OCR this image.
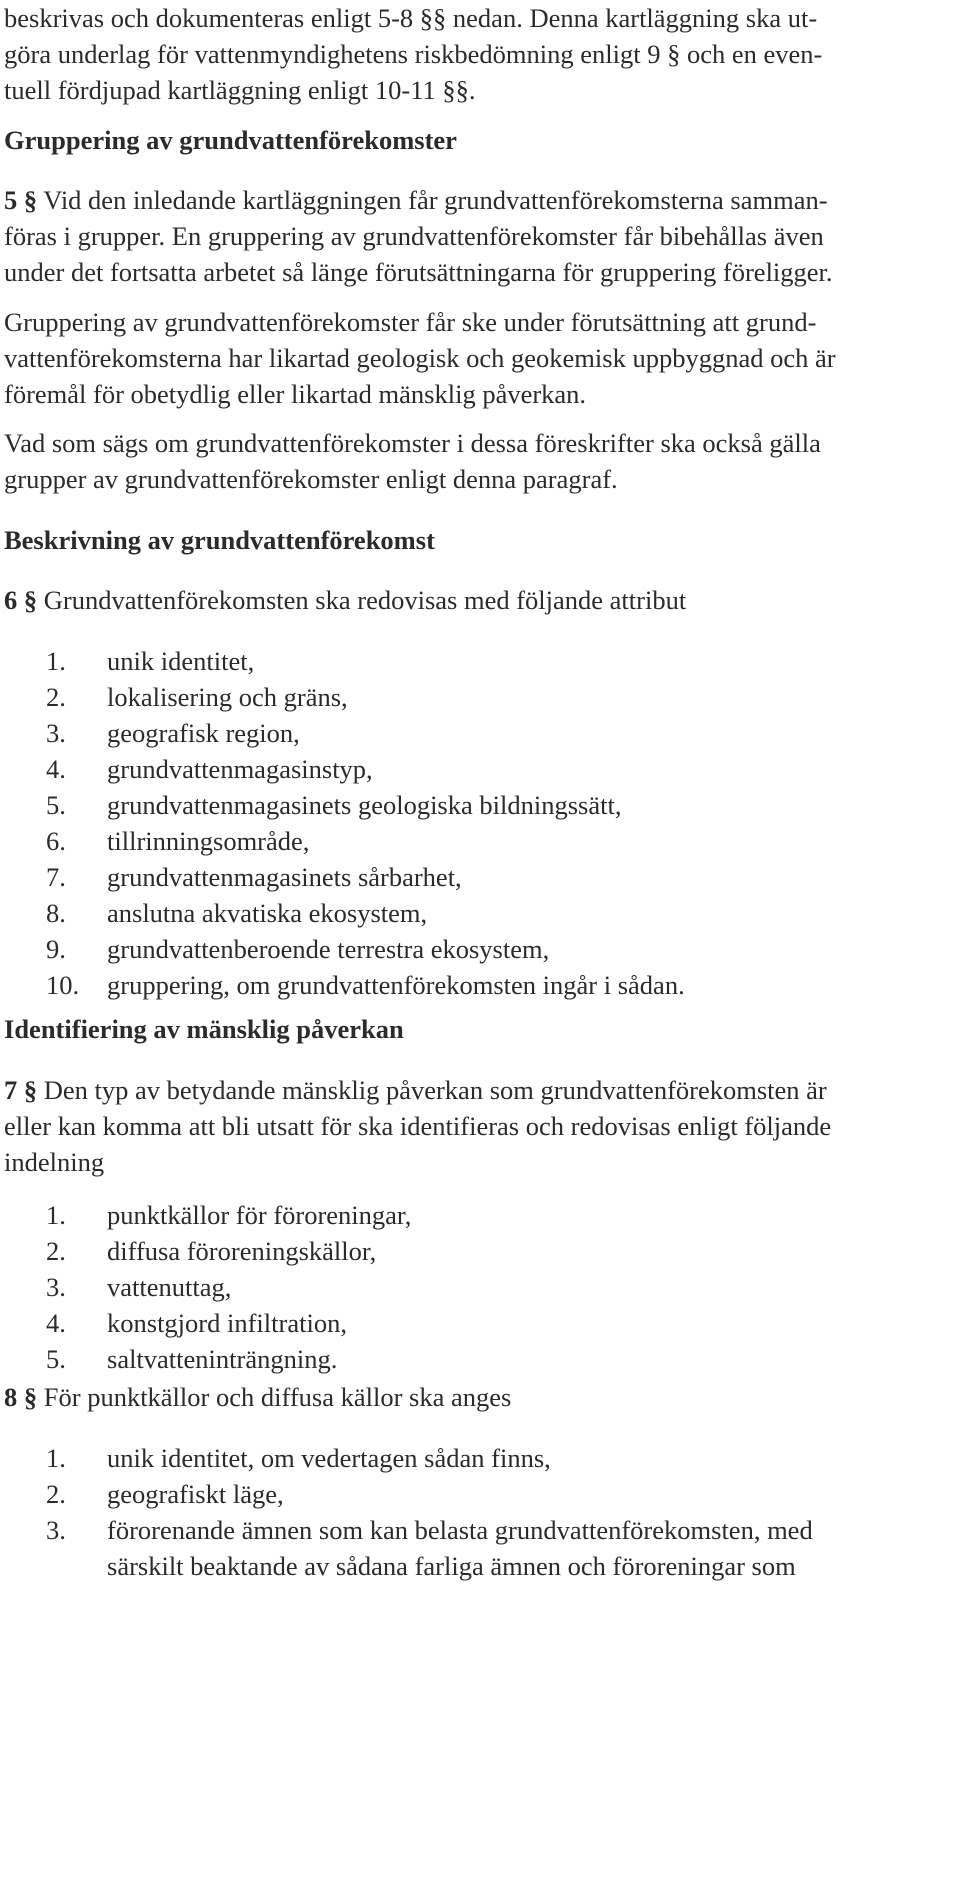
beskrivas och dokumenteras enligt 5-8 §§ nedan. Denna kartläggning ska ut-

göra underlag för vattenmyndighetens riskbedömning enligt 9 § och en even-

tuell fördjupad kartläggning enligt 10-11 §§.

Gruppering av grundvattenförekomster

5 § Vid den inledande kartläggningen får grundvattenförekomsterna samman-

föras i grupper. En gruppering av grundvattenförekomster får bibehållas även

under det fortsatta arbetet så länge förutsättningarna för gruppering föreligger.

Gruppering av grundvattenförekomster får ske under förutsättning att grund-

vattenförekomsterna har likartad geologisk och geokemisk uppbyggnad och är

föremål för obetydlig eller likartad mänsklig påverkan.

Vad som sägs om grundvattenförekomster i dessa föreskrifter ska också gälla

grupper av grundvattenförekomster enligt denna paragraf.

Beskrivning av grundvattenförekomst

6 § Grundvattenförekomsten ska redovisas med följande attribut

1. unik identitet,
2. lokalisering och gräns,
3. geografisk region,
4. grundvattenmagasinstyp,
5. grundvattenmagasinets geologiska bildningssätt,
6. tillrinningsområde,
7. grundvattenmagasinets sårbarhet,
8. anslutna akvatiska ekosystem,
9. grundvattenberoende terrestra ekosystem,
10. gruppering, om grundvattenförekomsten ingår i sådan.
Identifiering av mänsklig påverkan

7 § Den typ av betydande mänsklig påverkan som grundvattenförekomsten är

eller kan komma att bli utsatt för ska identifieras och redovisas enligt följande

indelning

1. punktkällor för föroreningar,
2. diffusa föroreningskällor,
3. vattenuttag,
4. konstgjord infiltration,
5. saltvatteninträngning.

8 § För punktkällor och diffusa källor ska anges

1. unik identitet, om vedertagen sådan finns,
2. geografiskt läge,
3. förorenande ämnen som kan belasta grundvattenförekomsten, med
särskilt beaktande av sådana farliga ämnen och föroreningar som
